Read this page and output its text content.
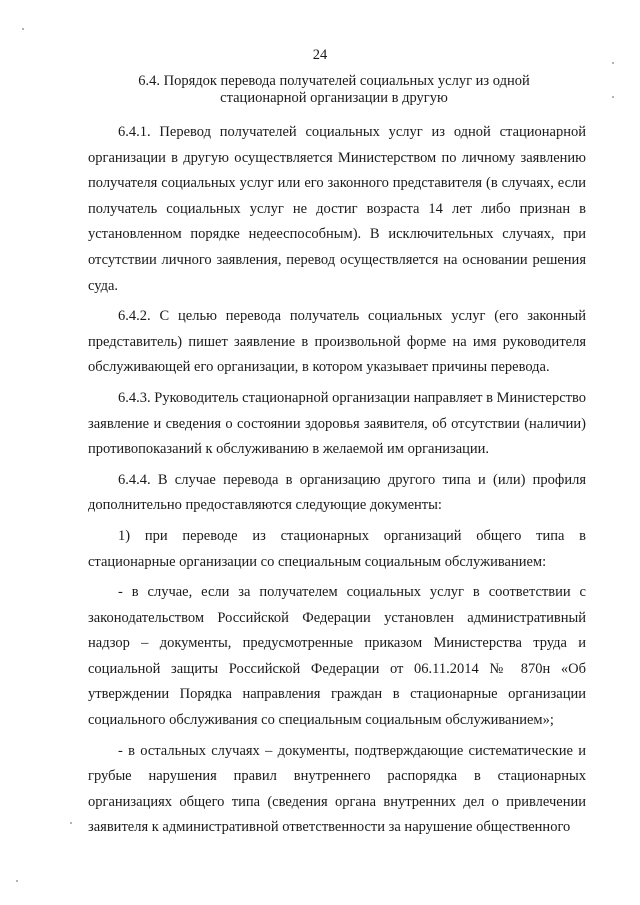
24
6.4. Порядок перевода получателей социальных услуг из одной
стационарной организации в другую

6.4.1. Перевод получателей социальных услуг из одной стационарной организации в другую осуществляется Министерством по личному заявлению получателя социальных услуг или его законного представителя (в случаях, если получатель социальных услуг не достиг возраста 14 лет либо признан в установленном порядке недееспособным). В исключительных случаях, при отсутствии личного заявления, перевод осуществляется на основании решения суда.

6.4.2. С целью перевода получатель социальных услуг (его законный представитель) пишет заявление в произвольной форме на имя руководителя обслуживающей его организации, в котором указывает причины перевода.

6.4.3. Руководитель стационарной организации направляет в Министерство заявление и сведения о состоянии здоровья заявителя, об отсутствии (наличии) противопоказаний к обслуживанию в желаемой им организации.

6.4.4. В случае перевода в организацию другого типа и (или) профиля дополнительно предоставляются следующие документы:

1) при переводе из стационарных организаций общего типа в стационарные организации со специальным социальным обслуживанием:

- в случае, если за получателем социальных услуг в соответствии с законодательством Российской Федерации установлен административный надзор – документы, предусмотренные приказом Министерства труда и социальной защиты Российской Федерации от 06.11.2014 № 870н «Об утверждении Порядка направления граждан в стационарные организации социального обслуживания со специальным социальным обслуживанием»;

- в остальных случаях – документы, подтверждающие систематические и грубые нарушения правил внутреннего распорядка в стационарных организациях общего типа (сведения органа внутренних дел о привлечении заявителя к административной ответственности за нарушение общественного
